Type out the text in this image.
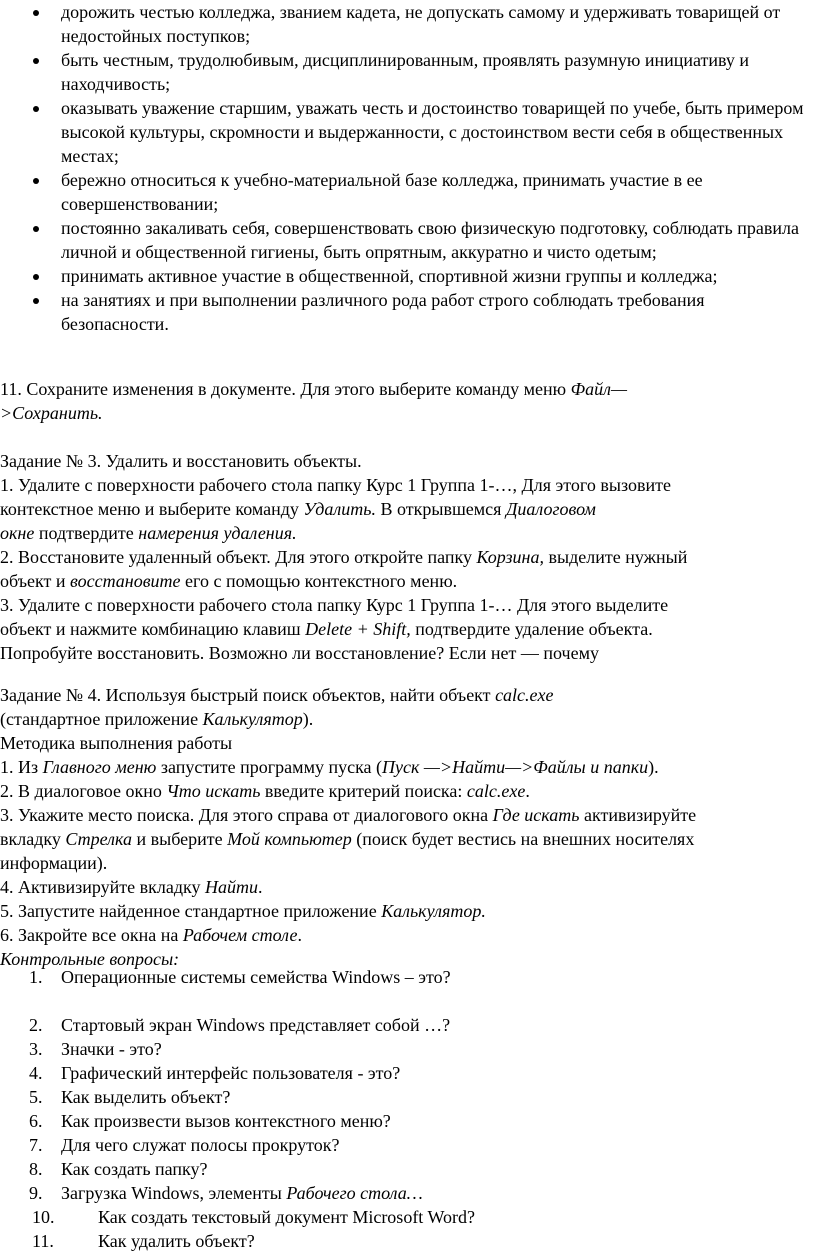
дорожить честью колледжа, званием кадета, не допускать самому и удерживать товарищей от недостойных поступков;
быть честным, трудолюбивым, дисциплинированным, проявлять разумную инициативу и находчивость;
оказывать уважение старшим, уважать честь и достоинство товарищей по учебе, быть примером высокой культуры, скромности и выдержанности, с достоинством вести себя в общественных местах;
бережно относиться к учебно-материальной базе колледжа, принимать участие в ее совершенствовании;
постоянно закаливать себя, совершенствовать свою физическую подготовку, соблюдать правила личной и общественной гигиены, быть опрятным, аккуратно и чисто одетым;
принимать активное участие в общественной, спортивной жизни группы и колледжа;
на занятиях и при выполнении различного рода работ строго соблюдать требования безопасности.
11. Сохраните изменения в документе. Для этого выберите команду меню Файл—
>Сохранить.
Задание № 3. Удалить и восстановить объекты.
1. Удалите с поверхности рабочего стола папку Курс 1 Группа 1-…, Для этого вызовите
контекстное меню и выберите команду Удалить. В открывшемся Диалоговом
окне подтвердите намерения удаления.
2. Восстановите удаленный объект. Для этого откройте папку Корзина, выделите нужный
объект и восстановите его с помощью контекстного меню.
3. Удалите с поверхности рабочего стола папку Курс 1 Группа 1-… Для этого выделите
объект и нажмите комбинацию клавиш Delete + Shift, подтвердите удаление объекта.
Попробуйте восстановить. Возможно ли восстановление? Если нет — почему
Задание № 4. Используя быстрый поиск объектов, найти объект calc.exe
(стандартное приложение Калькулятор).
Методика выполнения работы
1. Из Главного меню запустите программу пуска (Пуск —>Найти—>Файлы и папки).
2. В диалоговое окно Что искать введите критерий поиска: calc.exe.
3. Укажите место поиска. Для этого справа от диалогового окна Где искать активизируйте
вкладку Стрелка и выберите Мой компьютер (поиск будет вестись на внешних носителях
информации).
4. Активизируйте вкладку Найти.
5. Запустите найденное стандартное приложение Калькулятор.
6. Закройте все окна на Рабочем столе.
Контрольные вопросы:
1. Операционные системы семейства Windows – это?
2. Стартовый экран Windows представляет собой …?
3. Значки - это?
4. Графический интерфейс пользователя - это?
5. Как выделить объект?
6. Как произвести вызов контекстного меню?
7. Для чего служат полосы прокруток?
8. Как создать папку?
9. Загрузка Windows, элементы Рабочего стола…
10. Как создать текстовый документ Microsoft Word?
11. Как удалить объект?
